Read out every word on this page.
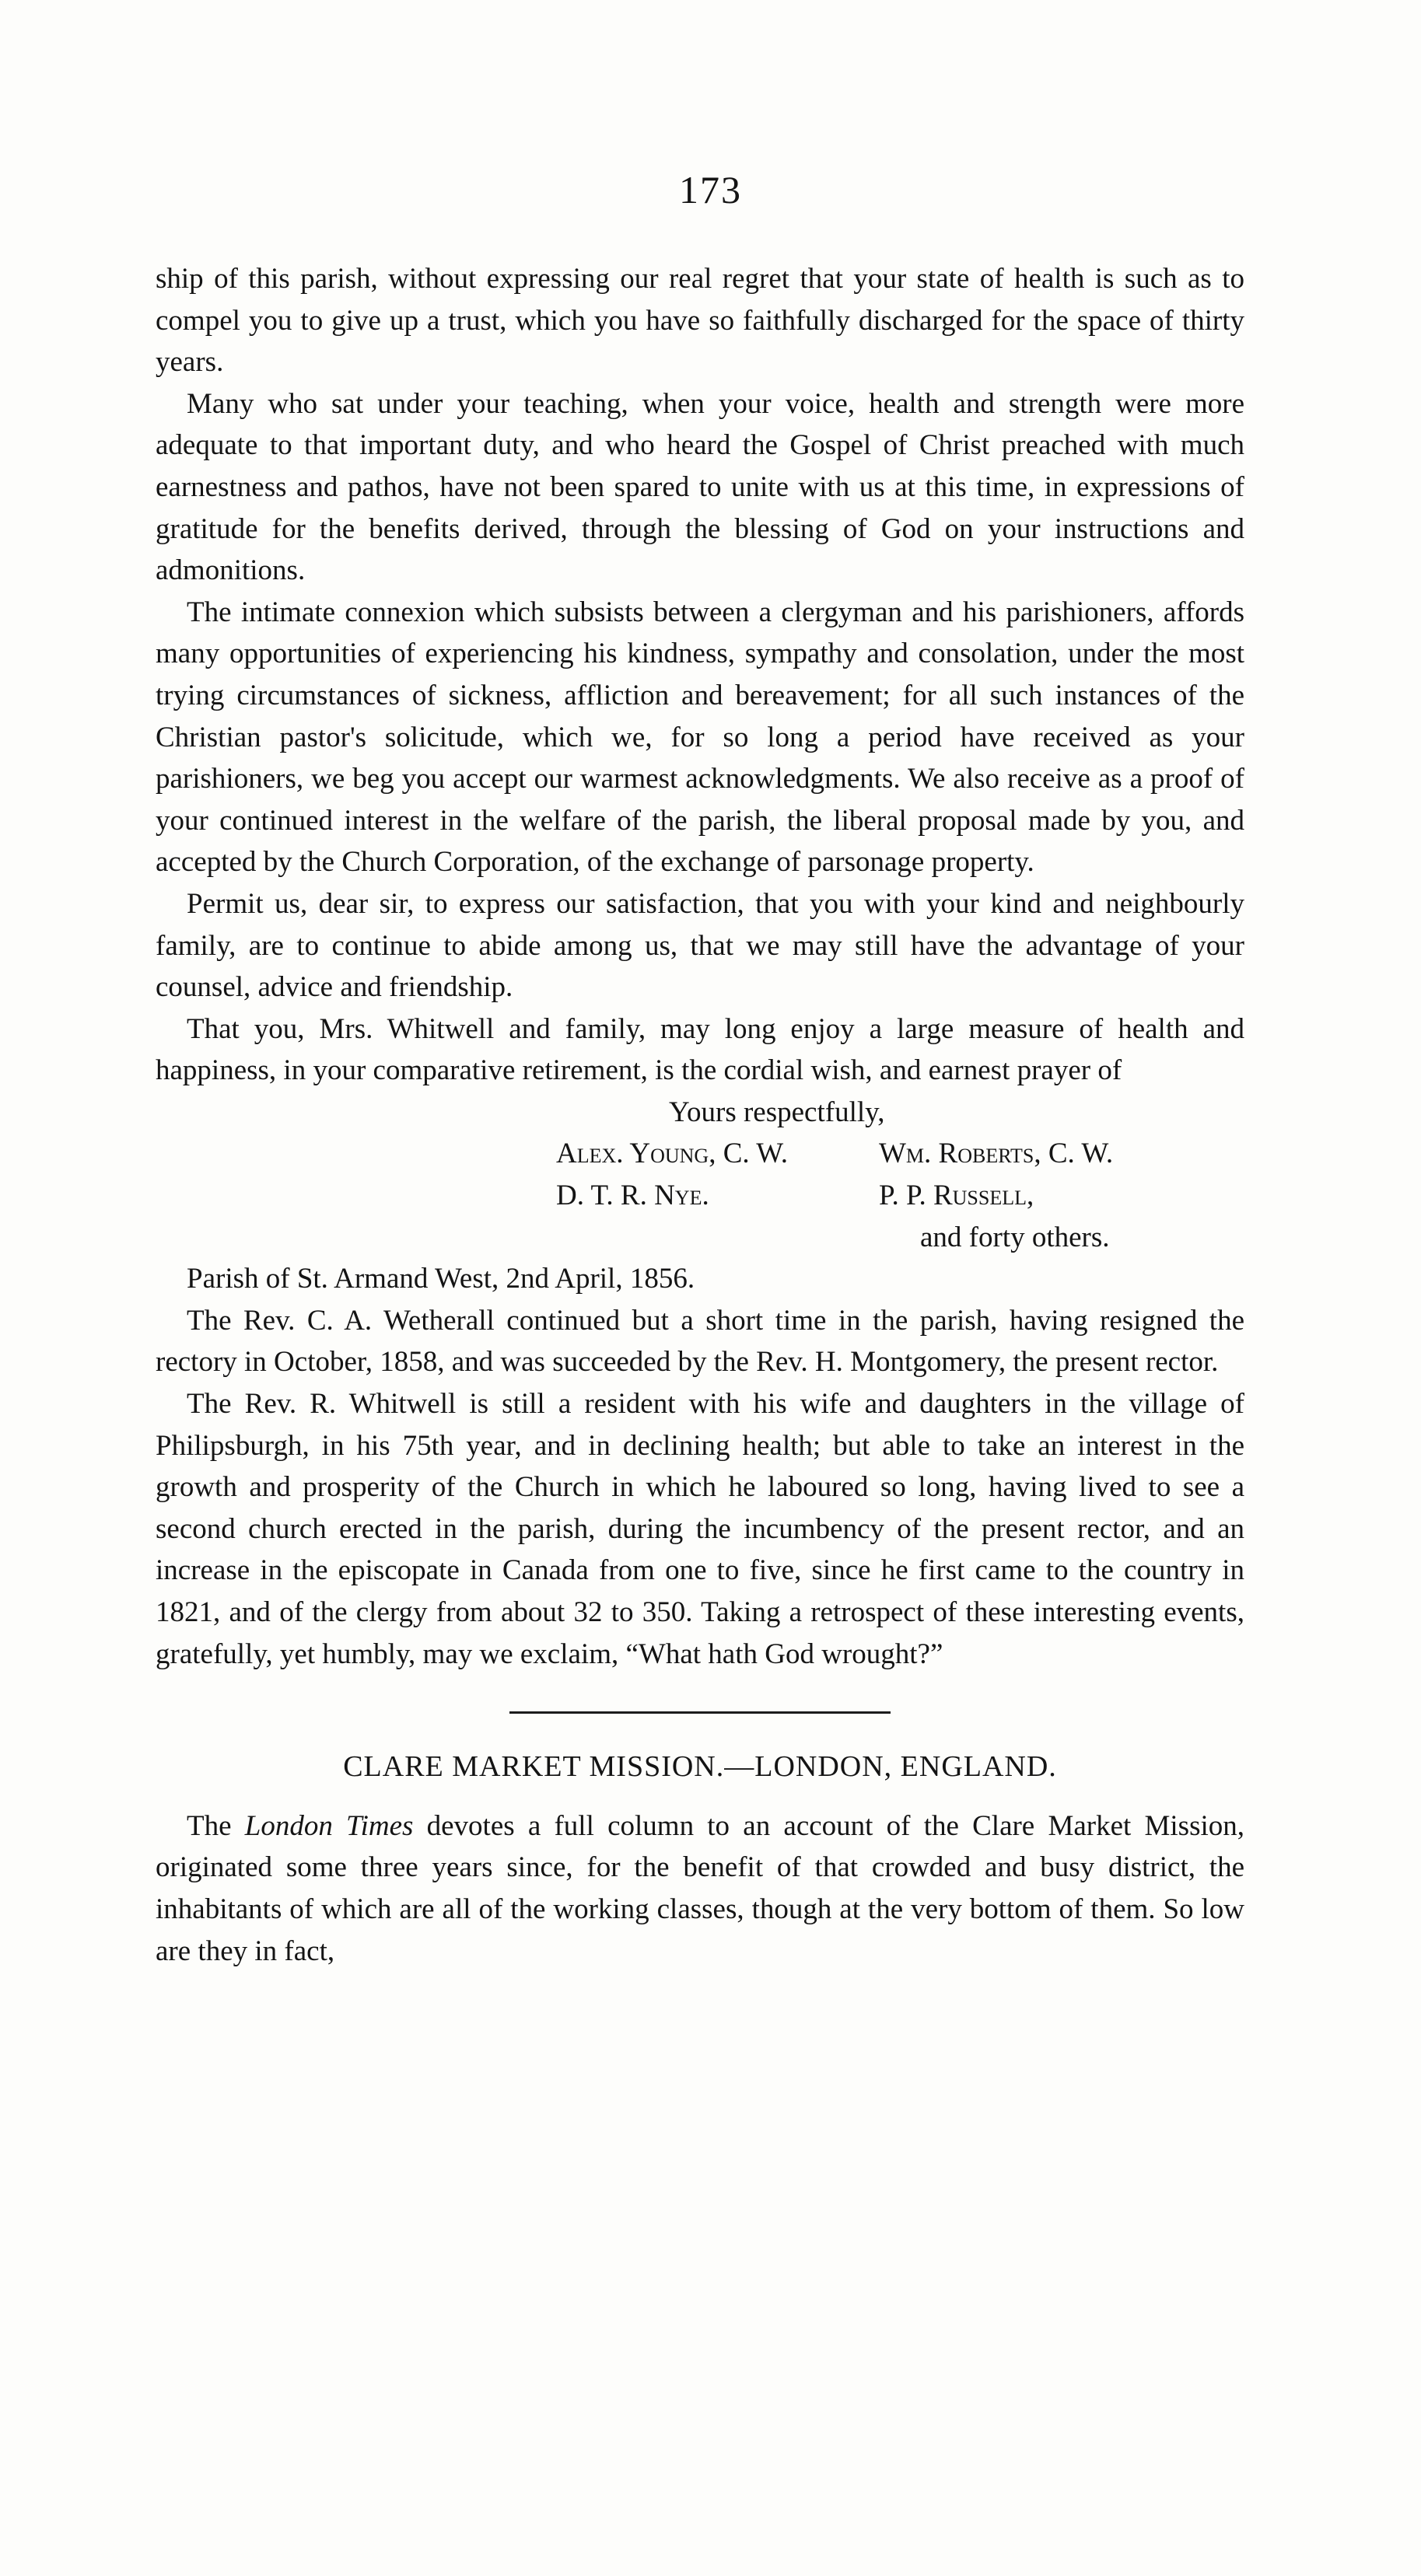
173

ship of this parish, without expressing our real regret that your state of health is such as to compel you to give up a trust, which you have so faithfully discharged for the space of thirty years.

Many who sat under your teaching, when your voice, health and strength were more adequate to that important duty, and who heard the Gospel of Christ preached with much earnestness and pathos, have not been spared to unite with us at this time, in expressions of gratitude for the benefits derived, through the blessing of God on your instructions and admonitions.

The intimate connexion which subsists between a clergyman and his parishioners, affords many opportunities of experiencing his kindness, sympathy and consolation, under the most trying circumstances of sickness, affliction and bereavement; for all such instances of the Christian pastor's solicitude, which we, for so long a period have received as your parishioners, we beg you accept our warmest acknowledgments. We also receive as a proof of your continued interest in the welfare of the parish, the liberal proposal made by you, and accepted by the Church Corporation, of the exchange of parsonage property.

Permit us, dear sir, to express our satisfaction, that you with your kind and neighbourly family, are to continue to abide among us, that we may still have the advantage of your counsel, advice and friendship.

That you, Mrs. Whitwell and family, may long enjoy a large measure of health and happiness, in your comparative retirement, is the cordial wish, and earnest prayer of

Yours respectfully,

Alex. Young, C. W.	Wm. Roberts, C. W.
D. T. R. Nye.	P. P. Russell,

and forty others.

Parish of St. Armand West, 2nd April, 1856.

The Rev. C. A. Wetherall continued but a short time in the parish, having resigned the rectory in October, 1858, and was succeeded by the Rev. H. Montgomery, the present rector.

The Rev. R. Whitwell is still a resident with his wife and daughters in the village of Philipsburgh, in his 75th year, and in declining health; but able to take an interest in the growth and prosperity of the Church in which he laboured so long, having lived to see a second church erected in the parish, during the incumbency of the present rector, and an increase in the episcopate in Canada from one to five, since he first came to the country in 1821, and of the clergy from about 32 to 350. Taking a retrospect of these interesting events, gratefully, yet humbly, may we exclaim, “What hath God wrought?”

CLARE MARKET MISSION.—LONDON, ENGLAND.

The London Times devotes a full column to an account of the Clare Market Mission, originated some three years since, for the benefit of that crowded and busy district, the inhabitants of which are all of the working classes, though at the very bottom of them. So low are they in fact,
